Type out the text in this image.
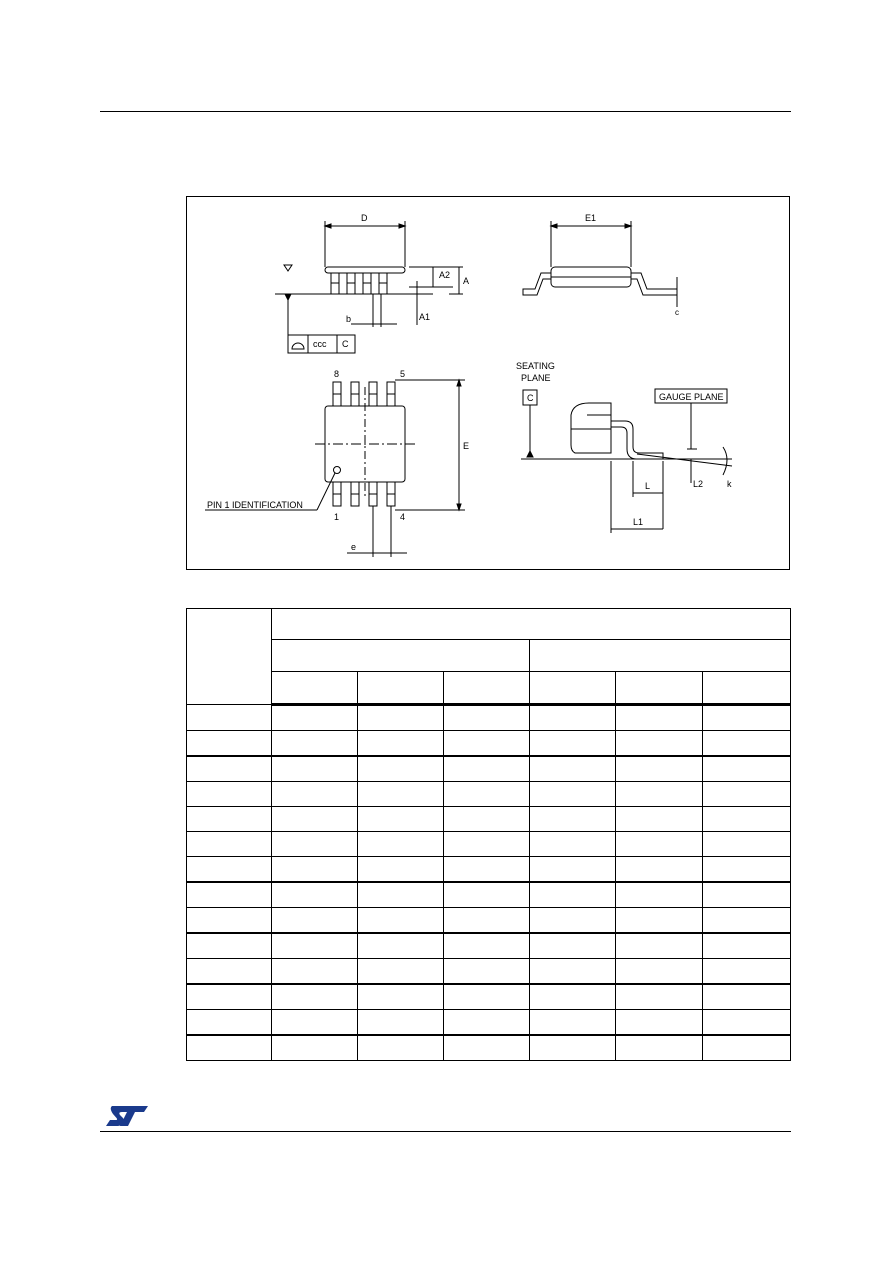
D
A2
A
A1
b
ccc C
E1
c
8	5
1	4
E
e
PIN 1 IDENTIFICATION
SEATING
PLANE
C	GAUGE PLANE
L
L1
L2	k
